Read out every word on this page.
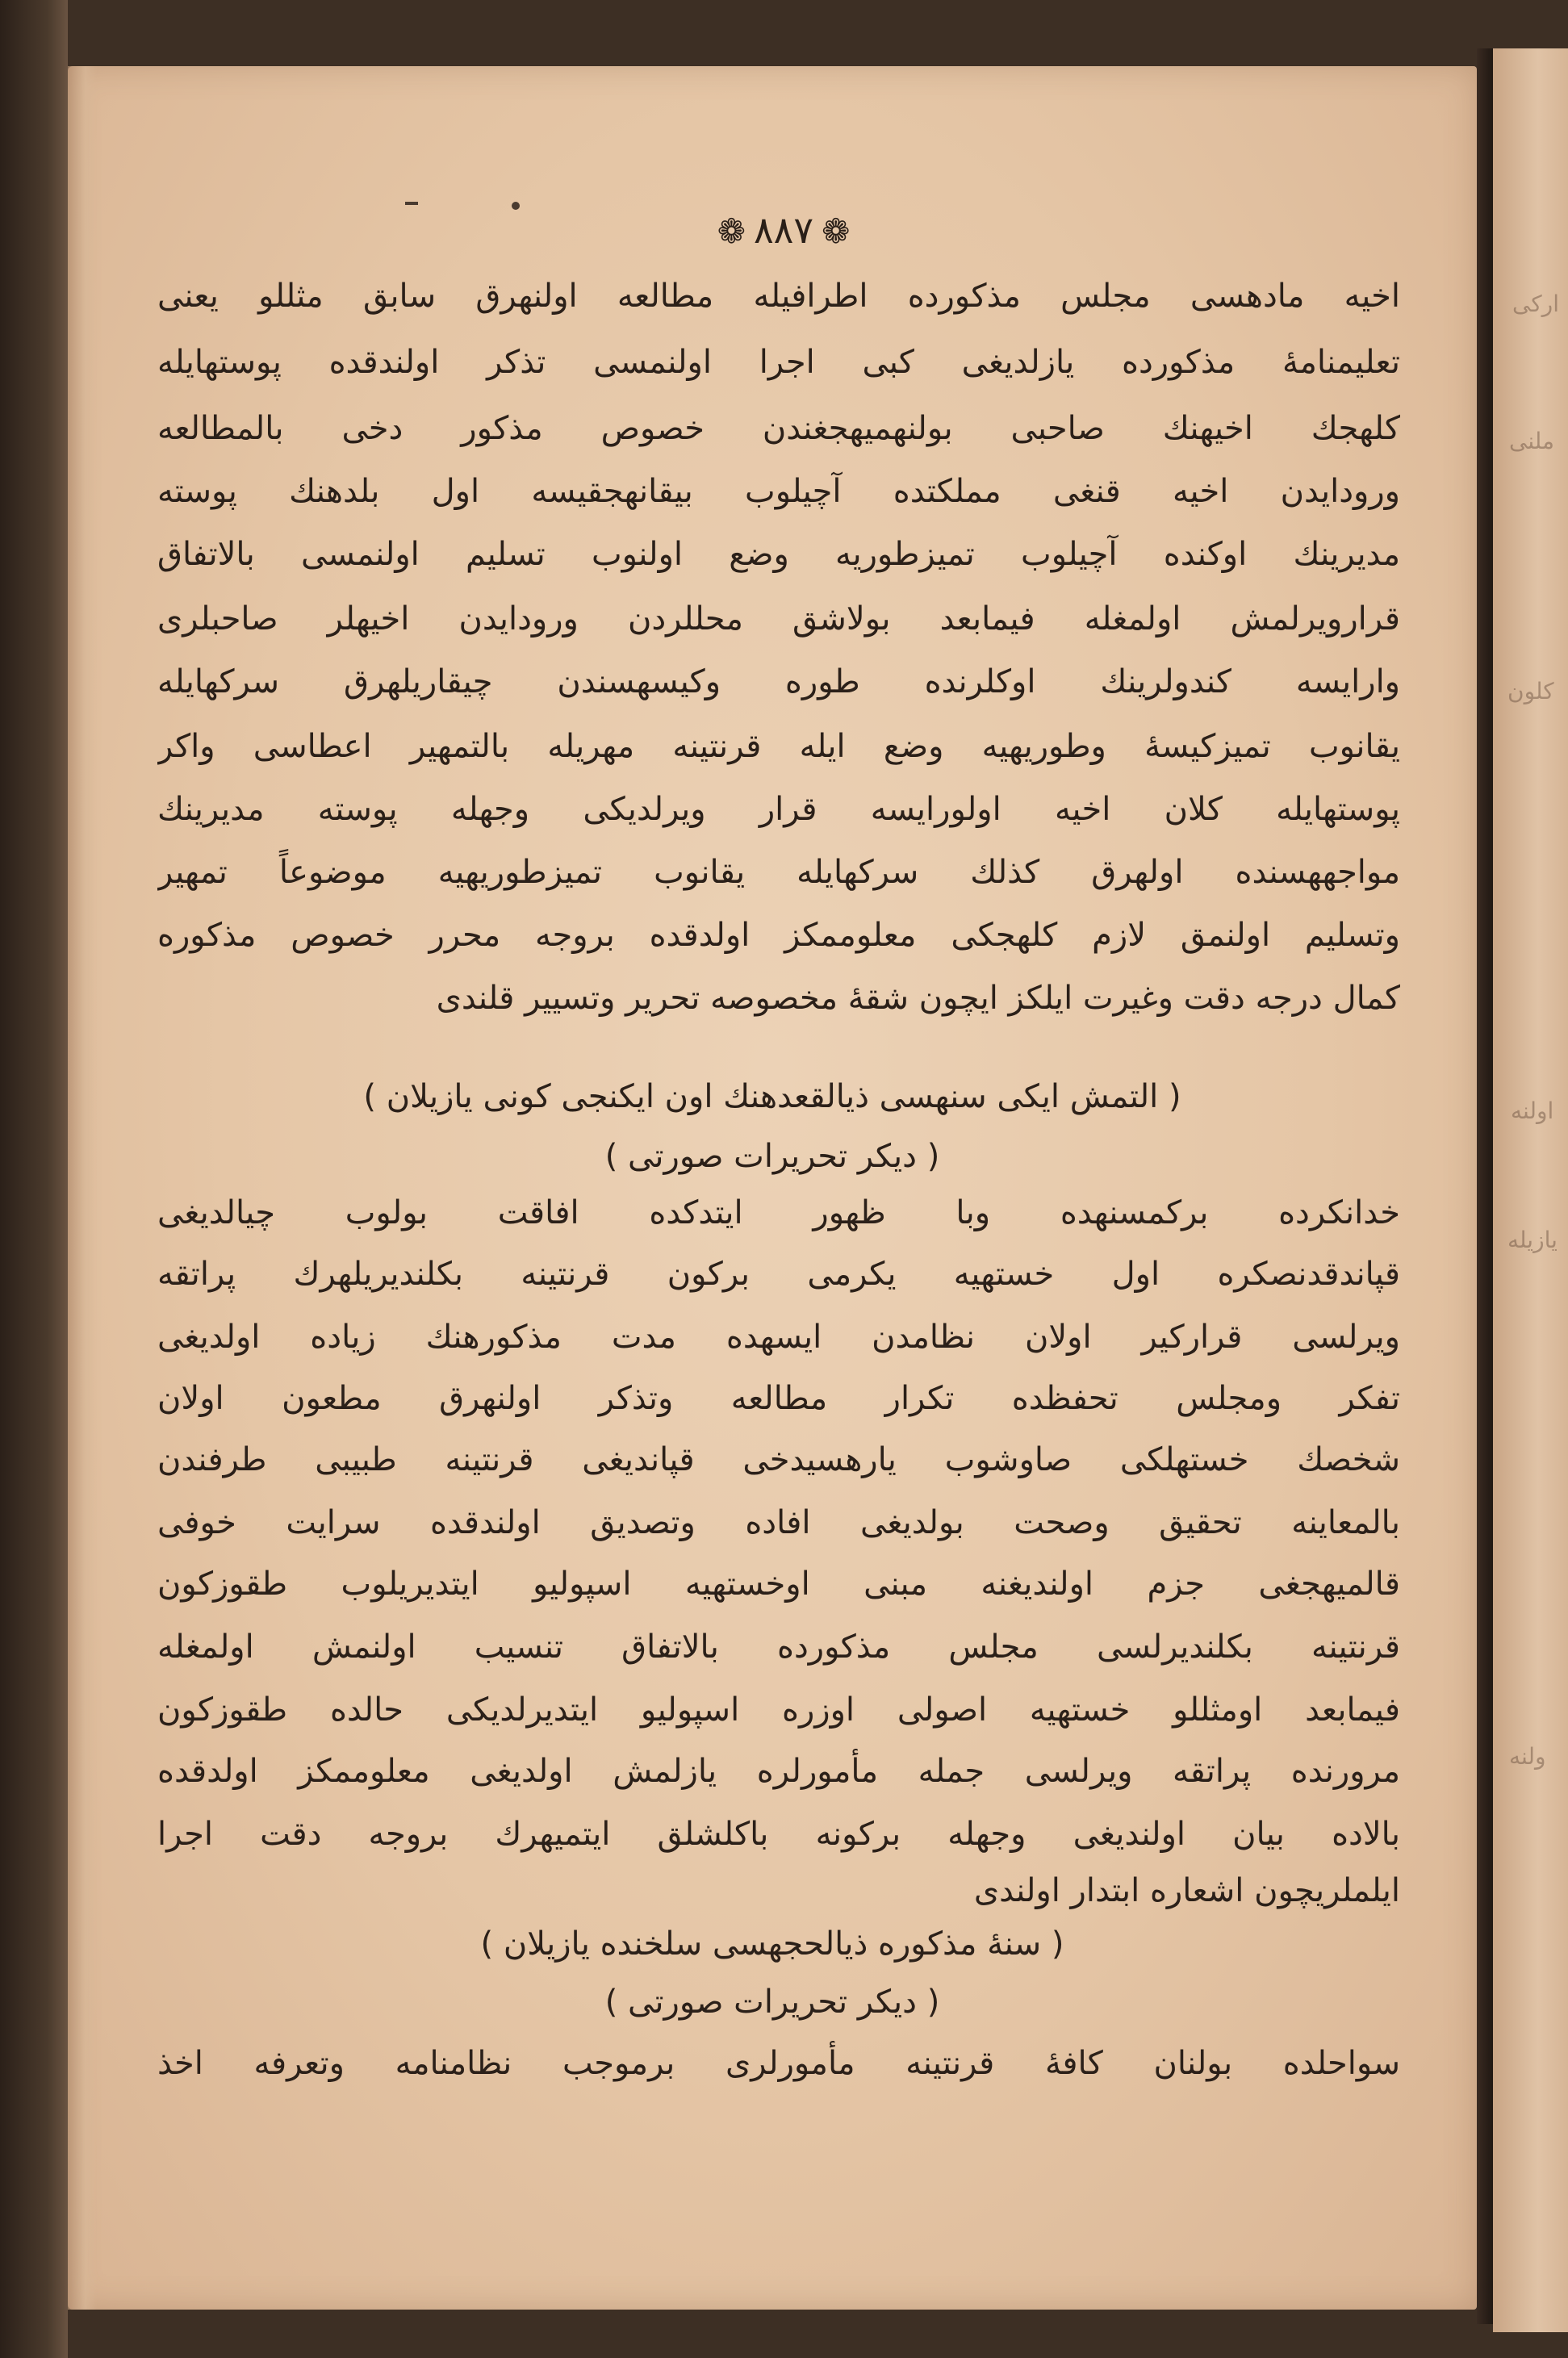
ارکی
ملنی
کلون
اولنه
یازیله
ولنه
❁۸۸۷❁
اخیه مادهسی مجلس مذکورده اطرافیله مطالعه اولنهرق سابق مثللو یعنی
تعلیمنامهٔ مذکورده یازلدیغی کبی اجرا اولنمسی تذکر اولندقده پوستهایله
کلهجك اخیهنك صاحبی بولنهمیهجغندن خصوص مذکور دخی بالمطالعه
ورودایدن اخیه قنغی مملکتده آچیلوب بیقانهجقیسه اول بلدهنك پوسته
مدیرینك اوکنده آچیلوب تمیزطوریه وضع اولنوب تسلیم اولنمسی بالاتفاق
قرارویرلمش اولمغله فیمابعد بولاشق محللردن ورودایدن اخیهلر صاحبلری
وارایسه کندولرینك اوکلرنده طوره وکیسهسندن چیقاریلهرق سرکهایله
یقانوب تمیزکیسهٔ وطوریهیه وضع ایله قرنتینه مهریله بالتمهیر اعطاسی واکر
پوستهایله کلان اخیه اولورایسه قرار ویرلدیکی وجهله پوسته مدیرینك
مواجههسنده اولهرق کذلك سرکهایله یقانوب تمیزطوریهیه موضوعاً تمهیر
وتسلیم اولنمق لازم کلهجکی معلوممکز اولدقده بروجه محرر خصوص مذکوره
کمال درجه دقت وغیرت ایلکز ایچون شقهٔ مخصوصه تحریر وتسییر قلندی
( التمش ایکی سنهسی ذیالقعدهنك اون ایکنجی کونی یازیلان )
( دیکر تحریرات صورتی )
خدانکرده برکمسنهده وبا ظهور ایتدکده افاقت بولوب چیالدیغی
قپاندقدنصکره اول خستهیه یکرمی برکون قرنتینه بکلندیریلهرك پراتقه
ویرلسی قرارکیر اولان نظامدن ایسهده مدت مذکورهنك زیاده اولدیغی
تفکر ومجلس تحفظده تکرار مطالعه وتذکر اولنهرق مطعون اولان
شخصك خستهلکی صاوشوب یارهسیدخی قپاندیغی قرنتینه طبیبی طرفندن
بالمعاینه تحقیق وصحت بولدیغی افاده وتصدیق اولندقده سرایت خوفی
قالمیهجغی جزم اولندیغنه مبنی اوخستهیه اسپولیو ایتدیریلوب طقوزکون
قرنتینه بکلندیرلسی مجلس مذکورده بالاتفاق تنسیب اولنمش اولمغله
فیمابعد اومثللو خستهیه اصولی اوزره اسپولیو ایتدیرلدیکی حالده طقوزکون
مرورنده پراتقه ویرلسی جمله مأمورلره یازلمش اولدیغی معلوممکز اولدقده
بالاده بیان اولندیغی وجهله برکونه باکلشلق ایتمیهرك بروجه دقت اجرا
ایلملریچون اشعاره ابتدار اولندی
( سنهٔ مذکوره ذیالحجهسی سلخنده یازیلان )
( دیکر تحریرات صورتی )
سواحلده بولنان کافهٔ قرنتینه مأمورلری برموجب نظامنامه وتعرفه اخذ
